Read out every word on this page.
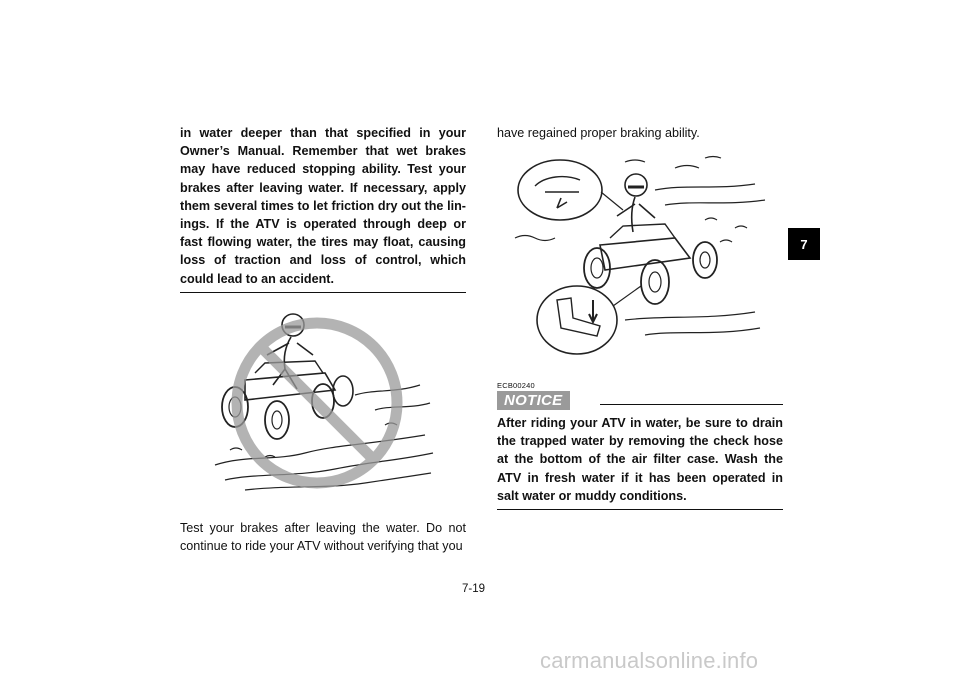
in water deeper than that specified in your Owner’s Manual. Remember that wet brakes may have reduced stopping ability. Test your brakes after leaving water. If necessary, apply them several times to let friction dry out the lin-ings. If the ATV is operated through deep or fast flowing water, the tires may float, causing loss of traction and loss of control, which could lead to an accident.

Test your brakes after leaving the water. Do not continue to ride your ATV without verifying that you

have regained proper braking ability.

ECB00240
NOTICE

After riding your ATV in water, be sure to drain the trapped water by removing the check hose at the bottom of the air filter case. Wash the ATV in fresh water if it has been operated in salt water or muddy conditions.

7-19
7
carmanualsonline.info
